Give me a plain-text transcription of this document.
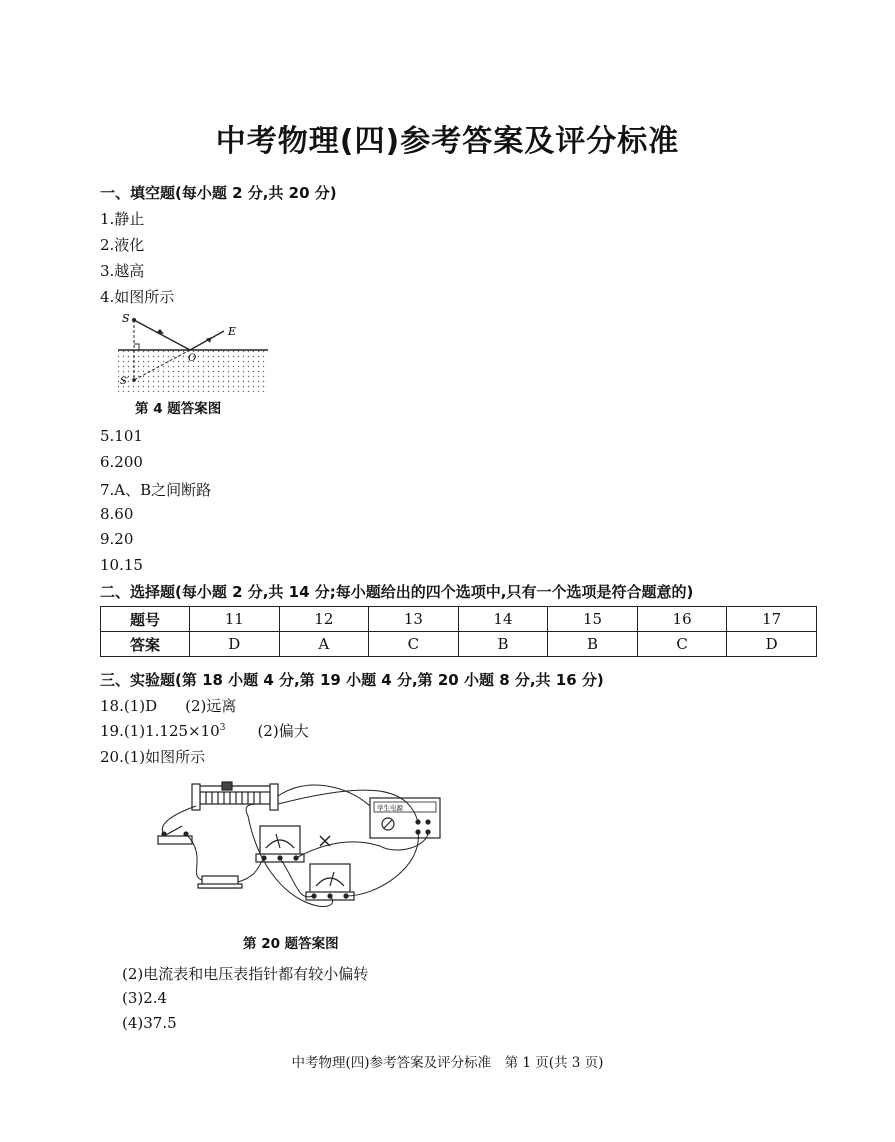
中考物理(四)参考答案及评分标准
一、填空题(每小题 2 分,共 20 分)
1.静止
2.液化
3.越高
4.如图所示
S
E
O
S′
第 4 题答案图
5.101
6.200
7.A、B之间断路
8.60
9.20
10.15
二、选择题(每小题 2 分,共 14 分;每小题给出的四个选项中,只有一个选项是符合题意的)
题号	11	12	13	14	15	16	17
答案	D	A	C	B	B	C	D
三、实验题(第 18 小题 4 分,第 19 小题 4 分,第 20 小题 8 分,共 16 分)
18.(1)D (2)远离
$19.(1)1.125\times 10^3$ (2)偏大
20.(1)如图所示
学生电源
第 20 题答案图
(2)电流表和电压表指针都有较小偏转
(3)2.4
(4)37.5
中考物理(四)参考答案及评分标准　第 1 页(共 3 页)
